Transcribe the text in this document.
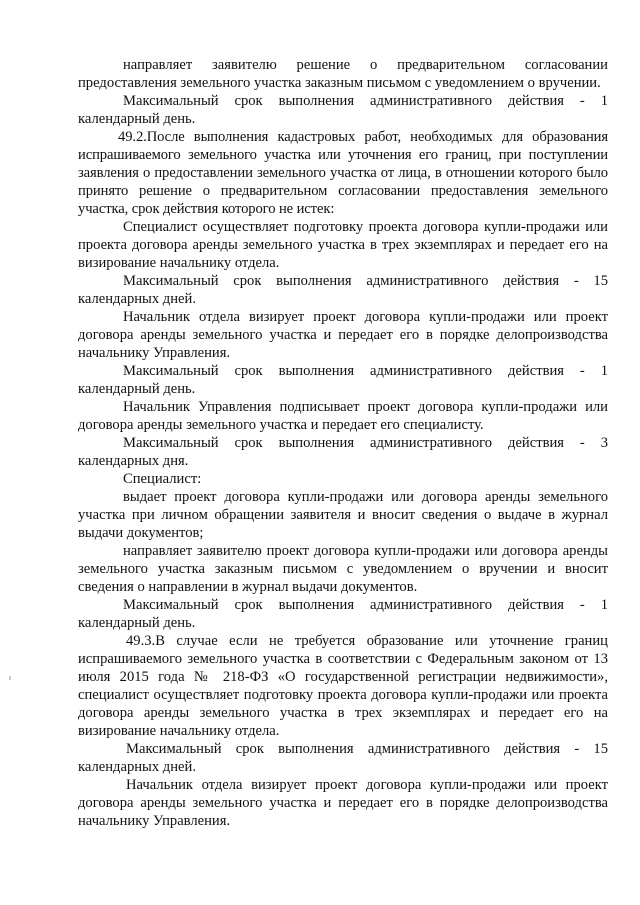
направляет заявителю решение о предварительном согласовании предоставления земельного участка заказным письмом с уведомлением о вручении.

Максимальный срок выполнения административного действия - 1 календарный день.

49.2.После выполнения кадастровых работ, необходимых для образования испрашиваемого земельного участка или уточнения его границ, при поступлении заявления о предоставлении земельного участка от лица, в отношении которого было принято решение о предварительном согласовании предоставления земельного участка, срок действия которого не истек:

Специалист осуществляет подготовку проекта договора купли-продажи или проекта договора аренды земельного участка в трех экземплярах и передает его на визирование начальнику отдела.

Максимальный срок выполнения административного действия - 15 календарных дней.

Начальник отдела визирует проект договора купли-продажи или проект договора аренды земельного участка и передает его в порядке делопроизводства начальнику Управления.

Максимальный срок выполнения административного действия - 1 календарный день.

Начальник Управления подписывает проект договора купли-продажи или договора аренды земельного участка и передает его специалисту.

Максимальный срок выполнения административного действия - 3 календарных дня.

Специалист:

выдает проект договора купли-продажи или договора аренды земельного участка при личном обращении заявителя и вносит сведения о выдаче в журнал выдачи документов;

направляет заявителю проект договора купли-продажи или договора аренды земельного участка заказным письмом с уведомлением о вручении и вносит сведения о направлении в журнал выдачи документов.

Максимальный срок выполнения административного действия - 1 календарный день.

49.3.В случае если не требуется образование или уточнение границ испрашиваемого земельного участка в соответствии с Федеральным законом от 13 июля 2015 года № 218-ФЗ «О государственной регистрации недвижимости», специалист осуществляет подготовку проекта договора купли-продажи или проекта договора аренды земельного участка в трех экземплярах и передает его на визирование начальнику отдела.

Максимальный срок выполнения административного действия - 15 календарных дней.

Начальник отдела визирует проект договора купли-продажи или проект договора аренды земельного участка и передает его в порядке делопроизводства начальнику Управления.
